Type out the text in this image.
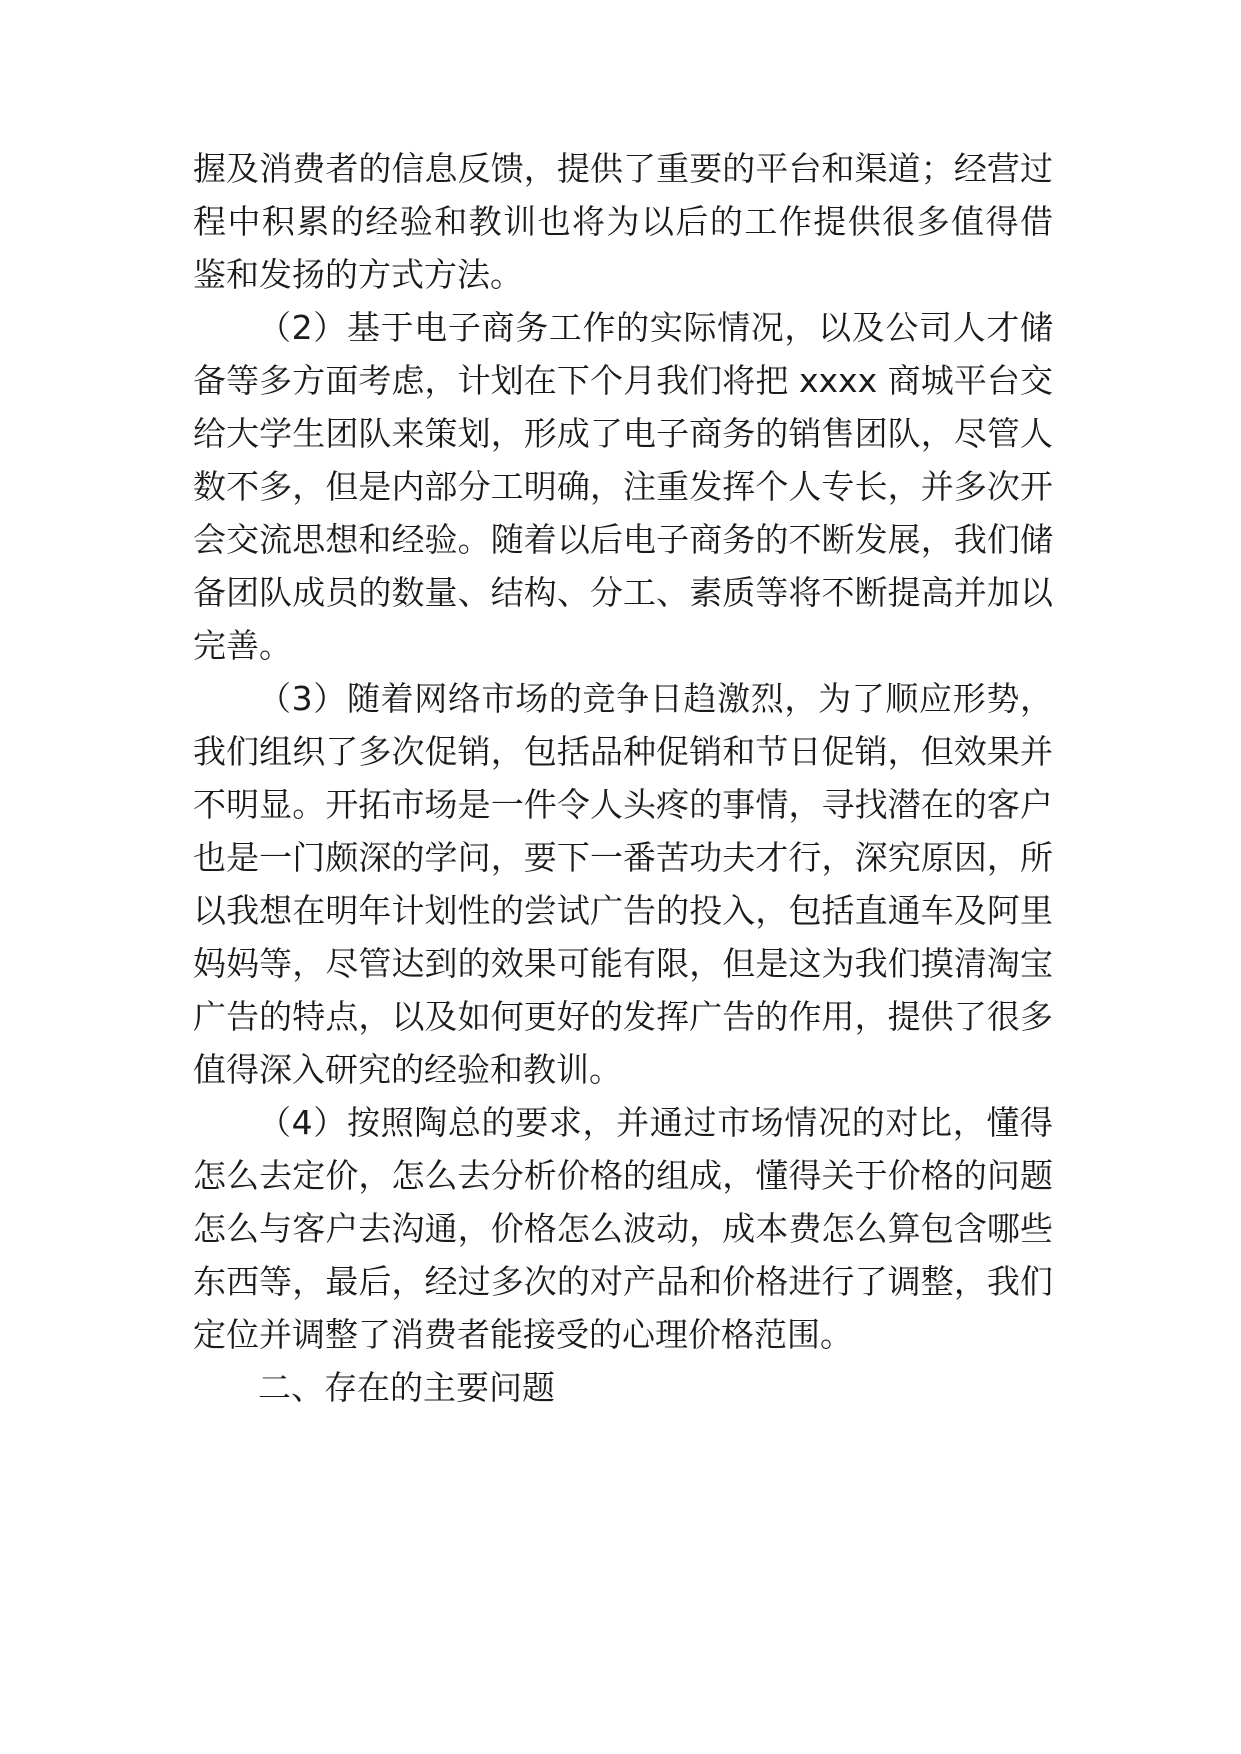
握及消费者的信息反馈，提供了重要的平台和渠道；经营过
程中积累的经验和教训也将为以后的工作提供很多值得借
鉴和发扬的方式方法。
（2）基于电子商务工作的实际情况，以及公司人才储
备等多方面考虑，计划在下个月我们将把 xxxx 商城平台交
给大学生团队来策划，形成了电子商务的销售团队，尽管人
数不多，但是内部分工明确，注重发挥个人专长，并多次开
会交流思想和经验。随着以后电子商务的不断发展，我们储
备团队成员的数量、结构、分工、素质等将不断提高并加以
完善。
（3）随着网络市场的竞争日趋激烈，为了顺应形势，
我们组织了多次促销，包括品种促销和节日促销，但效果并
不明显。开拓市场是一件令人头疼的事情，寻找潜在的客户
也是一门颇深的学问，要下一番苦功夫才行，深究原因，所
以我想在明年计划性的尝试广告的投入，包括直通车及阿里
妈妈等，尽管达到的效果可能有限，但是这为我们摸清淘宝
广告的特点，以及如何更好的发挥广告的作用，提供了很多
值得深入研究的经验和教训。
（4）按照陶总的要求，并通过市场情况的对比，懂得
怎么去定价，怎么去分析价格的组成，懂得关于价格的问题
怎么与客户去沟通，价格怎么波动，成本费怎么算包含哪些
东西等，最后，经过多次的对产品和价格进行了调整，我们
定位并调整了消费者能接受的心理价格范围。
二、存在的主要问题
